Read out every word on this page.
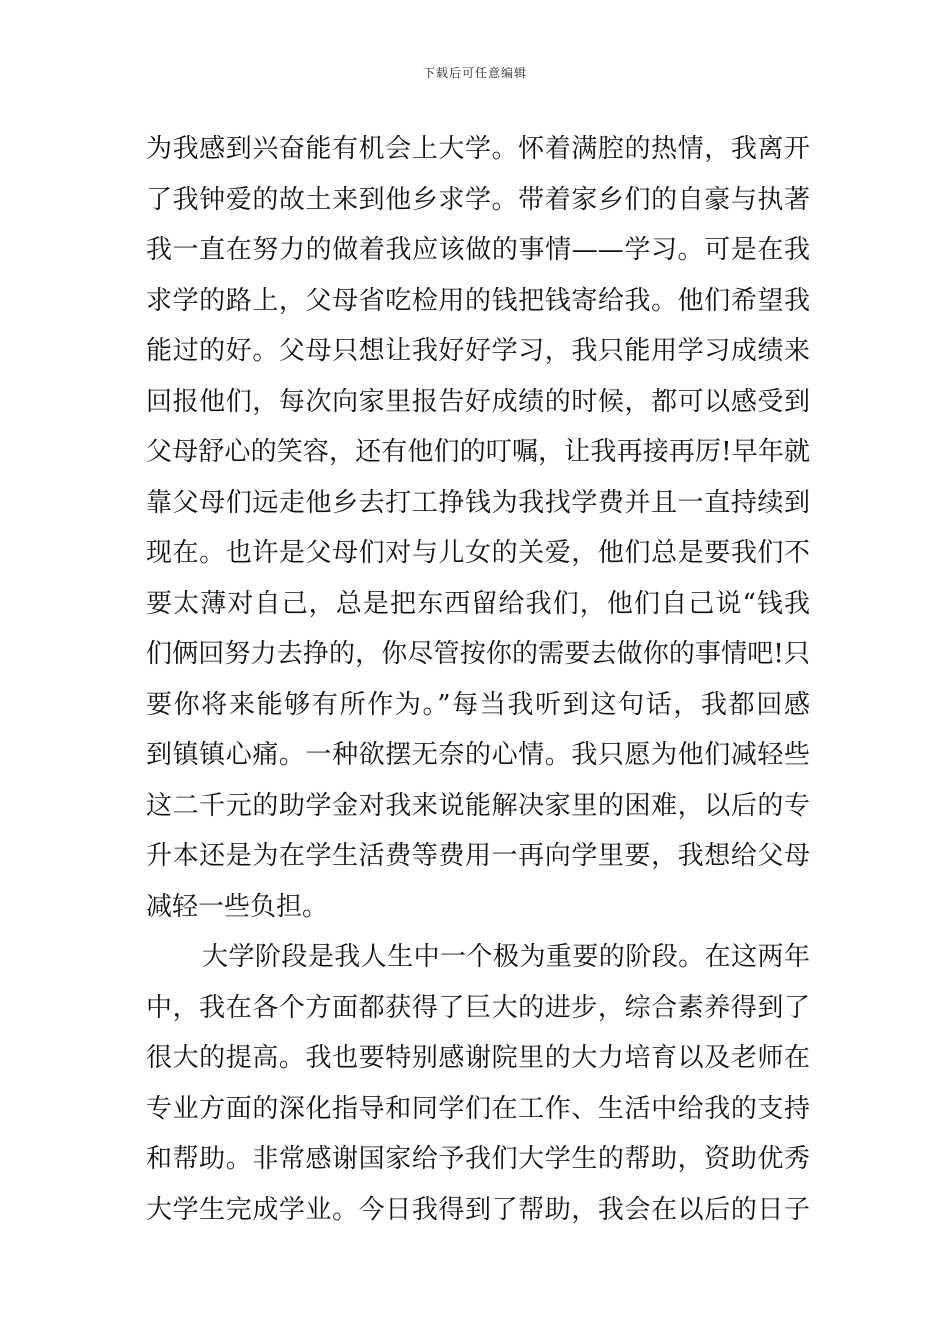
下载后可任意编辑
为我感到兴奋能有机会上大学。怀着满腔的热情，我离开
了我钟爱的故土来到他乡求学。带着家乡们的自豪与执著
我一直在努力的做着我应该做的事情——学习。可是在我
求学的路上，父母省吃检用的钱把钱寄给我。他们希望我
能过的好。父母只想让我好好学习，我只能用学习成绩来
回报他们，每次向家里报告好成绩的时候，都可以感受到
父母舒心的笑容，还有他们的叮嘱，让我再接再厉!早年就
靠父母们远走他乡去打工挣钱为我找学费并且一直持续到
现在。也许是父母们对与儿女的关爱，他们总是要我们不
要太薄对自己，总是把东西留给我们，他们自己说“钱我
们俩回努力去挣的，你尽管按你的需要去做你的事情吧!只
要你将来能够有所作为。”每当我听到这句话，我都回感
到镇镇心痛。一种欲摆无奈的心情。我只愿为他们减轻些
这二千元的助学金对我来说能解决家里的困难，以后的专
升本还是为在学生活费等费用一再向学里要，我想给父母
减轻一些负担。
大学阶段是我人生中一个极为重要的阶段。在这两年
中，我在各个方面都获得了巨大的进步，综合素养得到了
很大的提高。我也要特别感谢院里的大力培育以及老师在
专业方面的深化指导和同学们在工作、生活中给我的支持
和帮助。非常感谢国家给予我们大学生的帮助，资助优秀
大学生完成学业。今日我得到了帮助，我会在以后的日子
